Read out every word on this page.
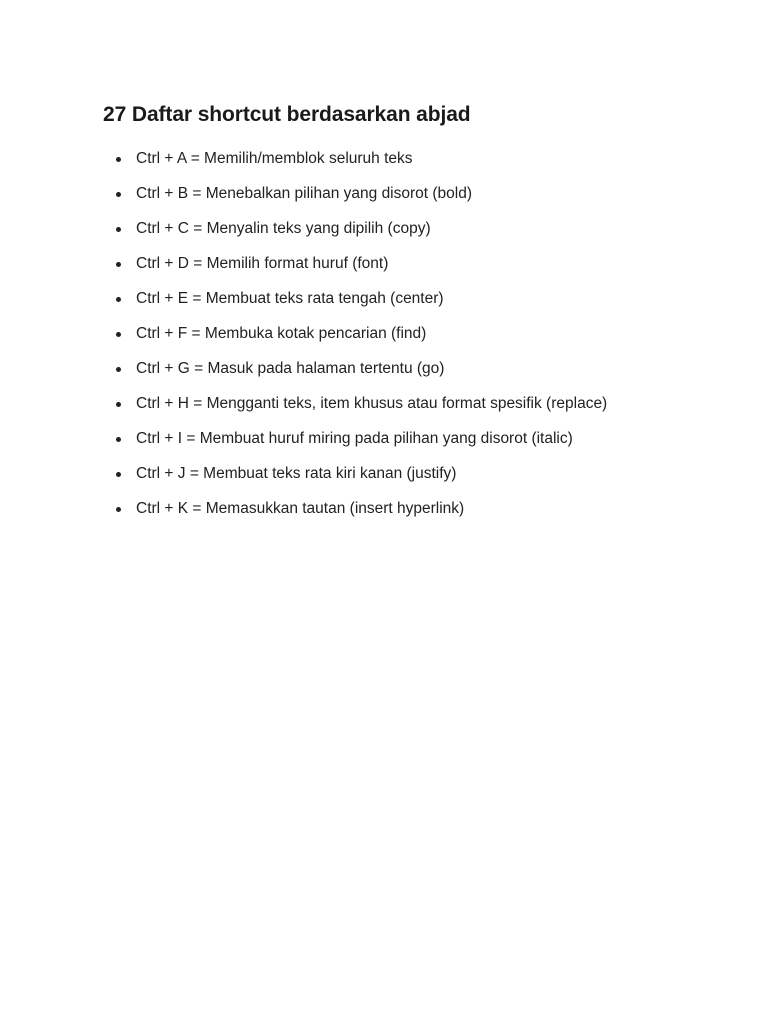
27 Daftar shortcut berdasarkan abjad
Ctrl + A = Memilih/memblok seluruh teks
Ctrl + B = Menebalkan pilihan yang disorot (bold)
Ctrl + C = Menyalin teks yang dipilih (copy)
Ctrl + D = Memilih format huruf (font)
Ctrl + E = Membuat teks rata tengah (center)
Ctrl + F = Membuka kotak pencarian (find)
Ctrl + G = Masuk pada halaman tertentu (go)
Ctrl + H = Mengganti teks, item khusus atau format spesifik (replace)
Ctrl + I = Membuat huruf miring pada pilihan yang disorot (italic)
Ctrl + J = Membuat teks rata kiri kanan (justify)
Ctrl + K = Memasukkan tautan (insert hyperlink)
